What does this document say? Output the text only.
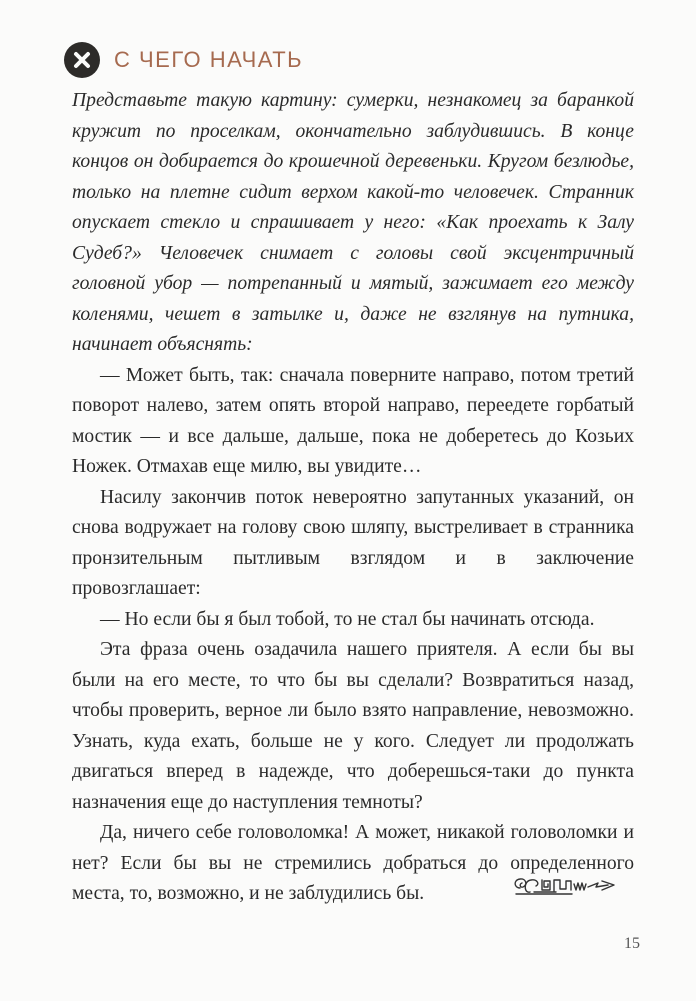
С ЧЕГО НАЧАТЬ

Представьте такую картину: сумерки, незнакомец за баранкой кружит по проселкам, окончательно заблудившись. В конце концов он добирается до крошечной деревеньки. Кругом безлюдье, только на плетне сидит верхом какой-то человечек. Странник опускает стекло и спрашивает у него: «Как проехать к Залу Судеб?» Человечек снимает с головы свой эксцентричный головной убор — потрепанный и мятый, зажимает его между коленями, чешет в затылке и, даже не взглянув на путника, начинает объяснять:

— Может быть, так: сначала поверните направо, потом третий поворот налево, затем опять второй направо, переедете горбатый мостик — и все дальше, дальше, пока не доберетесь до Козьих Ножек. Отмахав еще милю, вы увидите…

Насилу закончив поток невероятно запутанных указаний, он снова водружает на голову свою шляпу, выстреливает в странника пронзительным пытливым взглядом и в заключение провозглашает:

— Но если бы я был тобой, то не стал бы начинать отсюда.

Эта фраза очень озадачила нашего приятеля. А если бы вы были на его месте, то что бы вы сделали? Возвратиться назад, чтобы проверить, верное ли было взято направление, невозможно. Узнать, куда ехать, больше не у кого. Следует ли продолжать двигаться вперед в надежде, что доберешься-таки до пункта назначения еще до наступления темноты?

Да, ничего себе головоломка! А может, никакой головоломки и нет? Если бы вы не стремились добраться до определенного места, то, возможно, и не заблудились бы.

15
